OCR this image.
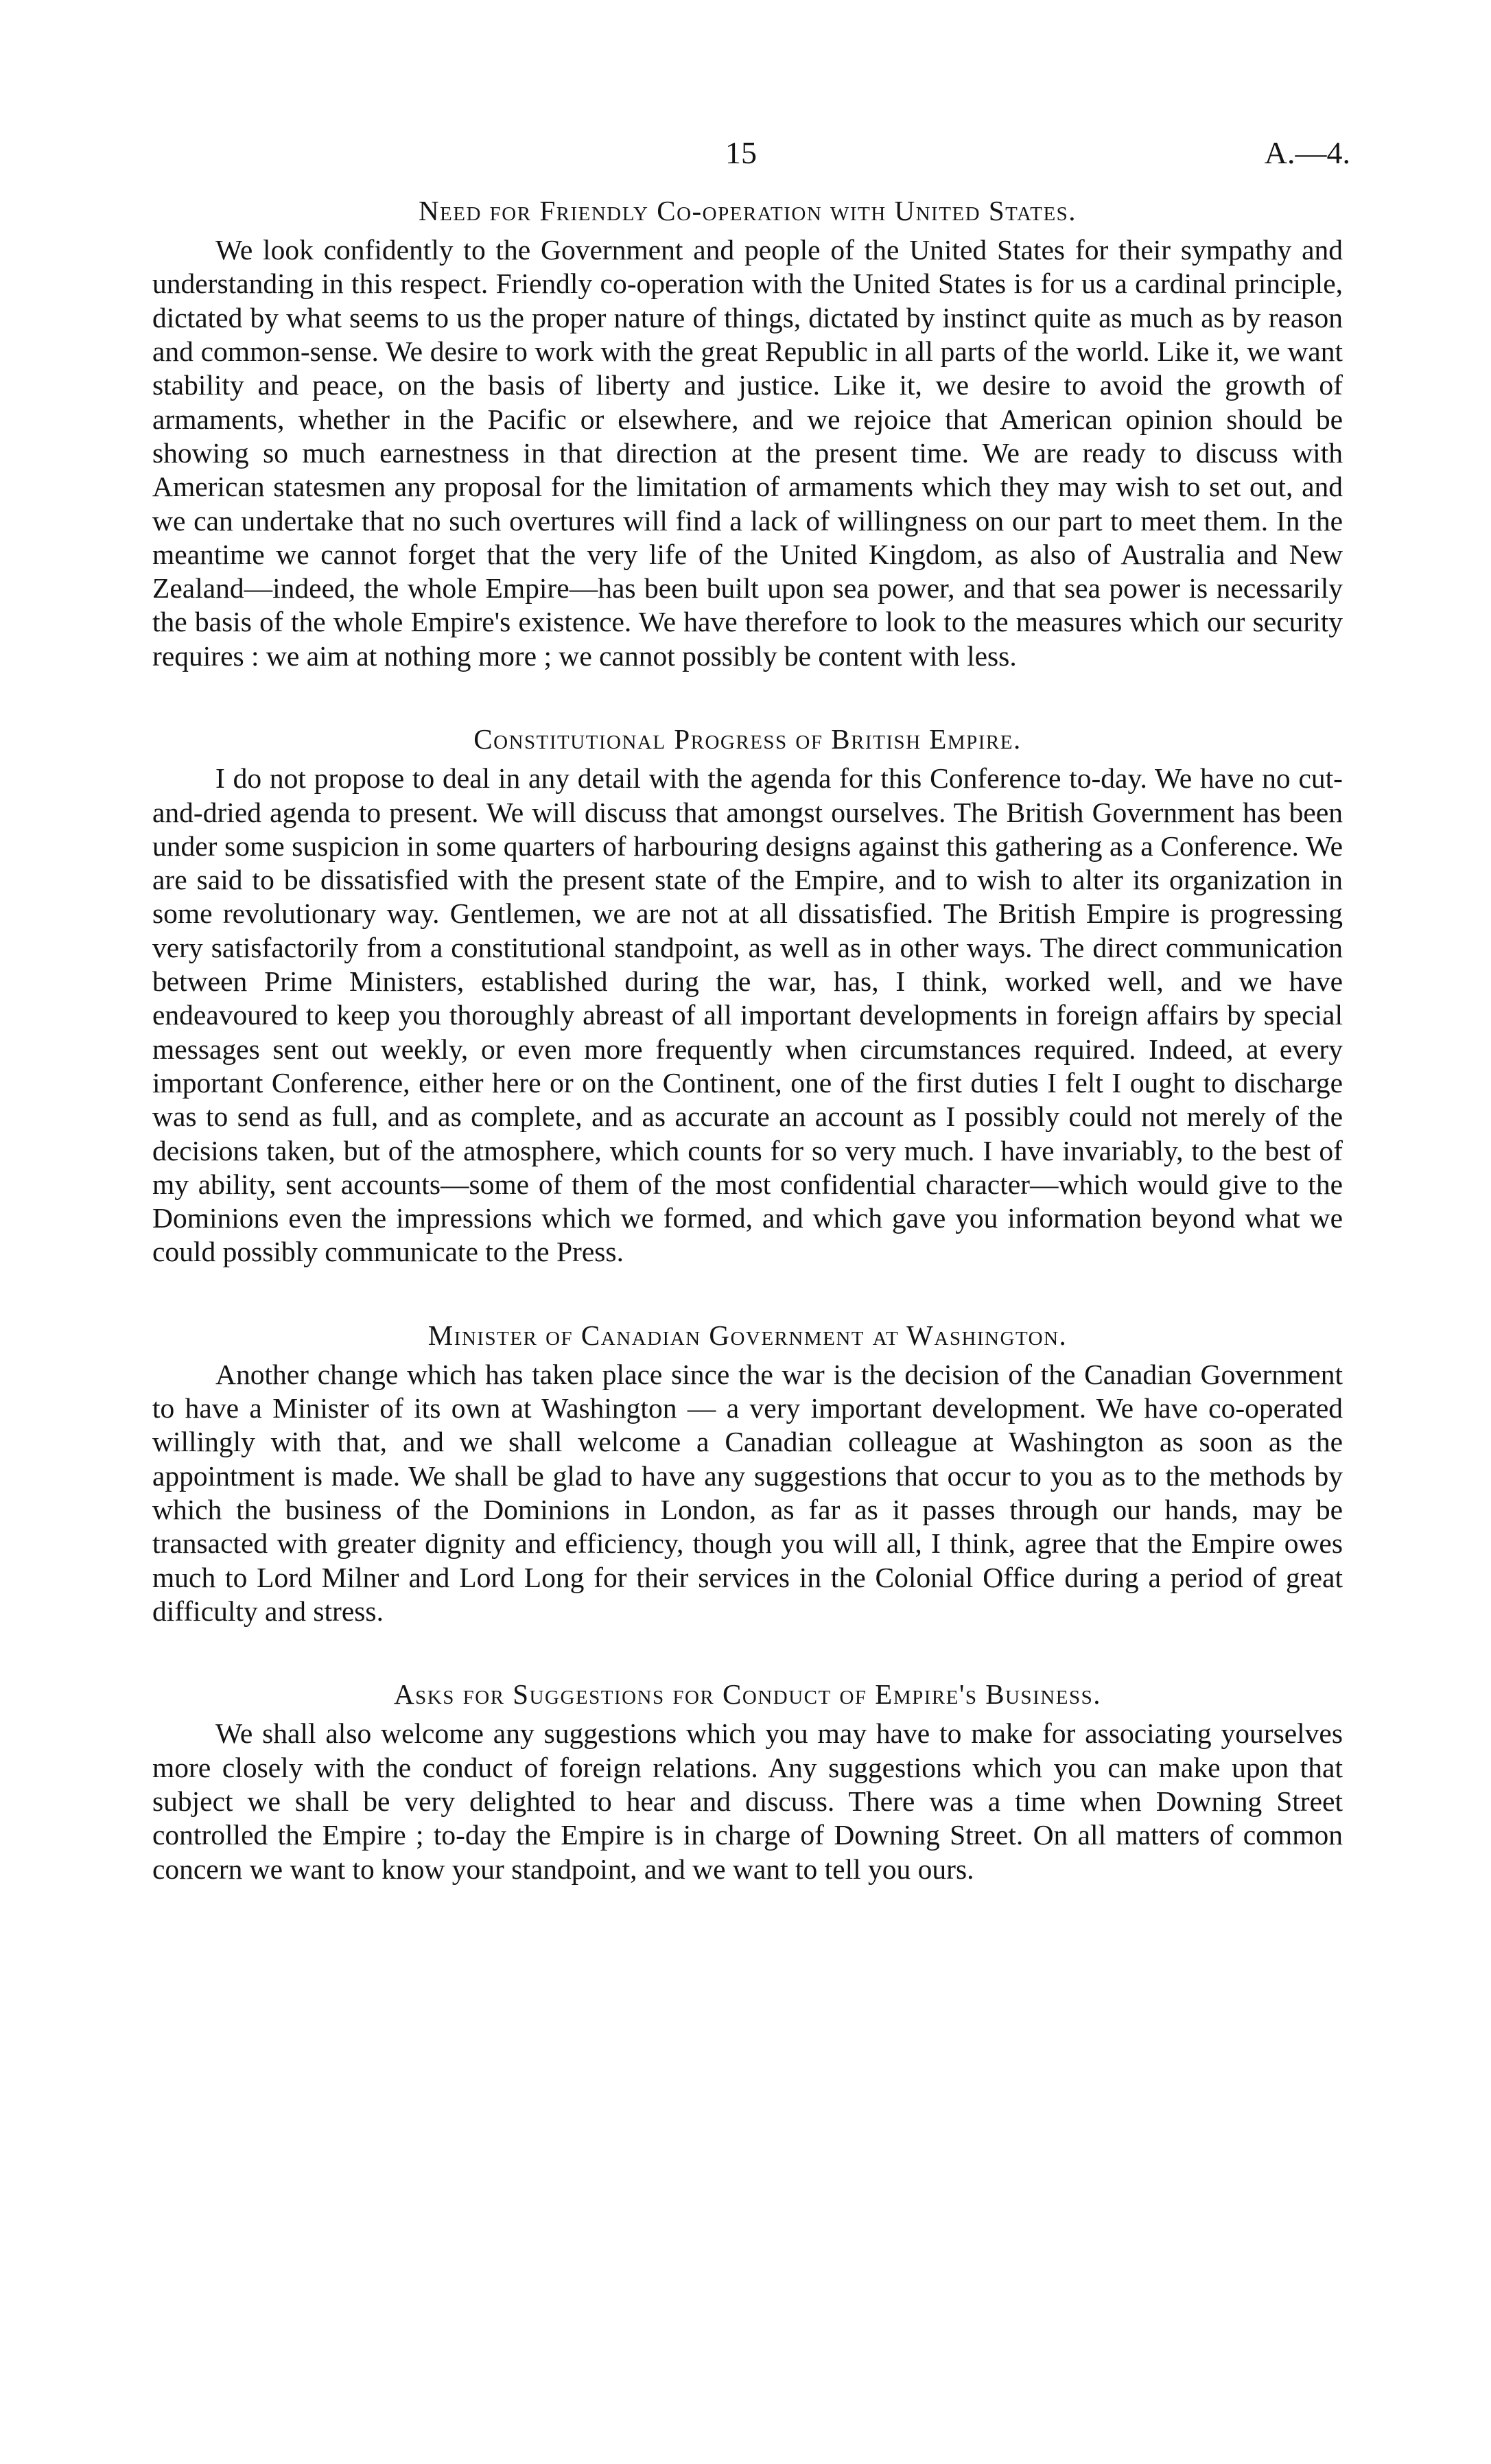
15	A.—4.
Need for Friendly Co-operation with United States.

We look confidently to the Government and people of the United States for their sympathy and understanding in this respect. Friendly co-operation with the United States is for us a cardinal principle, dictated by what seems to us the proper nature of things, dictated by instinct quite as much as by reason and common-sense. We desire to work with the great Republic in all parts of the world. Like it, we want stability and peace, on the basis of liberty and justice. Like it, we desire to avoid the growth of armaments, whether in the Pacific or elsewhere, and we rejoice that American opinion should be showing so much earnestness in that direction at the present time. We are ready to discuss with American statesmen any proposal for the limitation of armaments which they may wish to set out, and we can undertake that no such overtures will find a lack of willingness on our part to meet them. In the meantime we cannot forget that the very life of the United Kingdom, as also of Australia and New Zealand—indeed, the whole Empire—has been built upon sea power, and that sea power is necessarily the basis of the whole Empire's existence. We have therefore to look to the measures which our security requires : we aim at nothing more ; we cannot possibly be content with less.

Constitutional Progress of British Empire.

I do not propose to deal in any detail with the agenda for this Conference to-day. We have no cut-and-dried agenda to present. We will discuss that amongst ourselves. The British Government has been under some suspicion in some quarters of harbouring designs against this gathering as a Conference. We are said to be dissatisfied with the present state of the Empire, and to wish to alter its organization in some revolutionary way. Gentlemen, we are not at all dissatisfied. The British Empire is progressing very satisfactorily from a constitutional standpoint, as well as in other ways. The direct communication between Prime Ministers, established during the war, has, I think, worked well, and we have endeavoured to keep you thoroughly abreast of all important developments in foreign affairs by special messages sent out weekly, or even more frequently when circumstances required. Indeed, at every important Conference, either here or on the Continent, one of the first duties I felt I ought to discharge was to send as full, and as complete, and as accurate an account as I possibly could not merely of the decisions taken, but of the atmosphere, which counts for so very much. I have invariably, to the best of my ability, sent accounts—some of them of the most confidential character—which would give to the Dominions even the impressions which we formed, and which gave you information beyond what we could possibly communicate to the Press.

Minister of Canadian Government at Washington.

Another change which has taken place since the war is the decision of the Canadian Government to have a Minister of its own at Washington — a very important development. We have co-operated willingly with that, and we shall welcome a Canadian colleague at Washington as soon as the appointment is made. We shall be glad to have any suggestions that occur to you as to the methods by which the business of the Dominions in London, as far as it passes through our hands, may be transacted with greater dignity and efficiency, though you will all, I think, agree that the Empire owes much to Lord Milner and Lord Long for their services in the Colonial Office during a period of great difficulty and stress.

Asks for Suggestions for Conduct of Empire's Business.

We shall also welcome any suggestions which you may have to make for associating yourselves more closely with the conduct of foreign relations. Any suggestions which you can make upon that subject we shall be very delighted to hear and discuss. There was a time when Downing Street controlled the Empire ; to-day the Empire is in charge of Downing Street. On all matters of common concern we want to know your standpoint, and we want to tell you ours.
